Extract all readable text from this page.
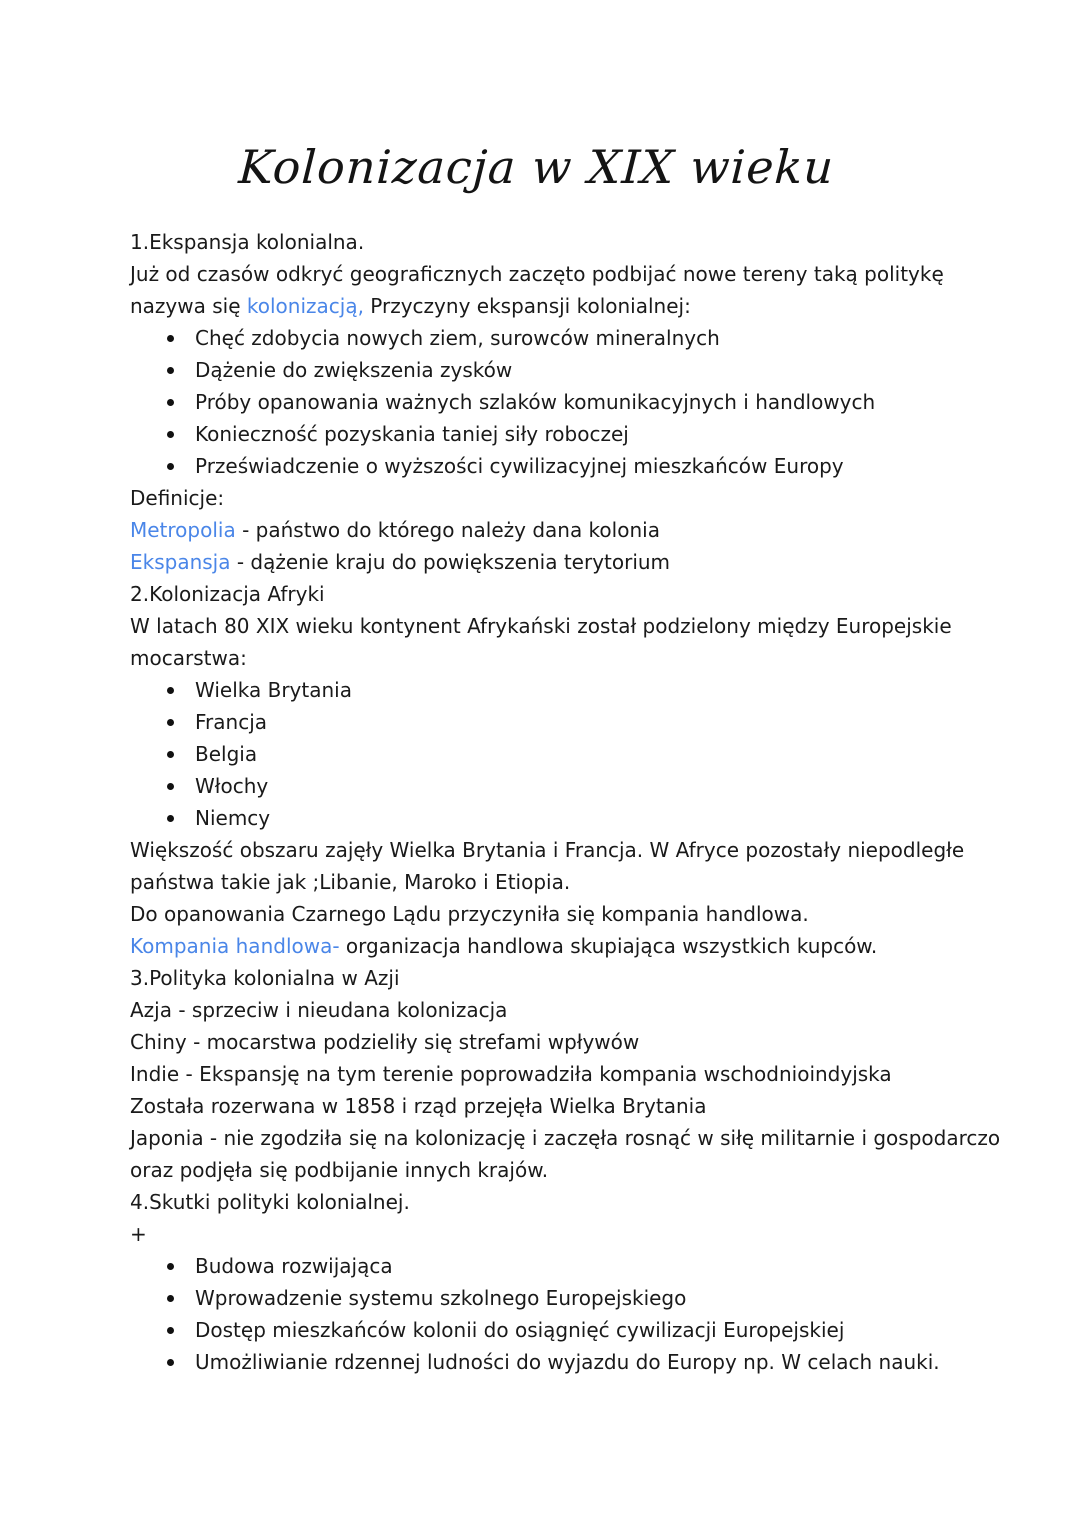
Kolonizacja w XIX wieku

1.Ekspansja kolonialna.

Już od czasów odkryć geograficznych zaczęto podbijać nowe tereny taką politykę

nazywa się kolonizacją, Przyczyny ekspansji kolonialnej:

Chęć zdobycia nowych ziem, surowców mineralnych

Dążenie do zwiększenia zysków

Próby opanowania ważnych szlaków komunikacyjnych i handlowych

Konieczność pozyskania taniej siły roboczej

Przeświadczenie o wyższości cywilizacyjnej mieszkańców Europy

Definicje:

Metropolia - państwo do którego należy dana kolonia

Ekspansja - dążenie kraju do powiększenia terytorium

2.Kolonizacja Afryki

W latach 80 XIX wieku kontynent Afrykański został podzielony między Europejskie

mocarstwa:

Wielka Brytania

Francja

Belgia

Włochy

Niemcy

Większość obszaru zajęły Wielka Brytania i Francja. W Afryce pozostały niepodległe

państwa takie jak ;Libanie, Maroko i Etiopia.

Do opanowania Czarnego Lądu przyczyniła się kompania handlowa.

Kompania handlowa- organizacja handlowa skupiająca wszystkich kupców.

3.Polityka kolonialna w Azji

Azja - sprzeciw i nieudana kolonizacja

Chiny - mocarstwa podzieliły się strefami wpływów

Indie - Ekspansję na tym terenie poprowadziła kompania wschodnioindyjska

Została rozerwana w 1858 i rząd przejęła Wielka Brytania

Japonia - nie zgodziła się na kolonizację i zaczęła rosnąć w siłę militarnie i gospodarczo

oraz podjęła się podbijanie innych krajów.

4.Skutki polityki kolonialnej.

+

Budowa rozwijająca

Wprowadzenie systemu szkolnego Europejskiego

Dostęp mieszkańców kolonii do osiągnięć cywilizacji Europejskiej

Umożliwianie rdzennej ludności do wyjazdu do Europy np. W celach nauki.
